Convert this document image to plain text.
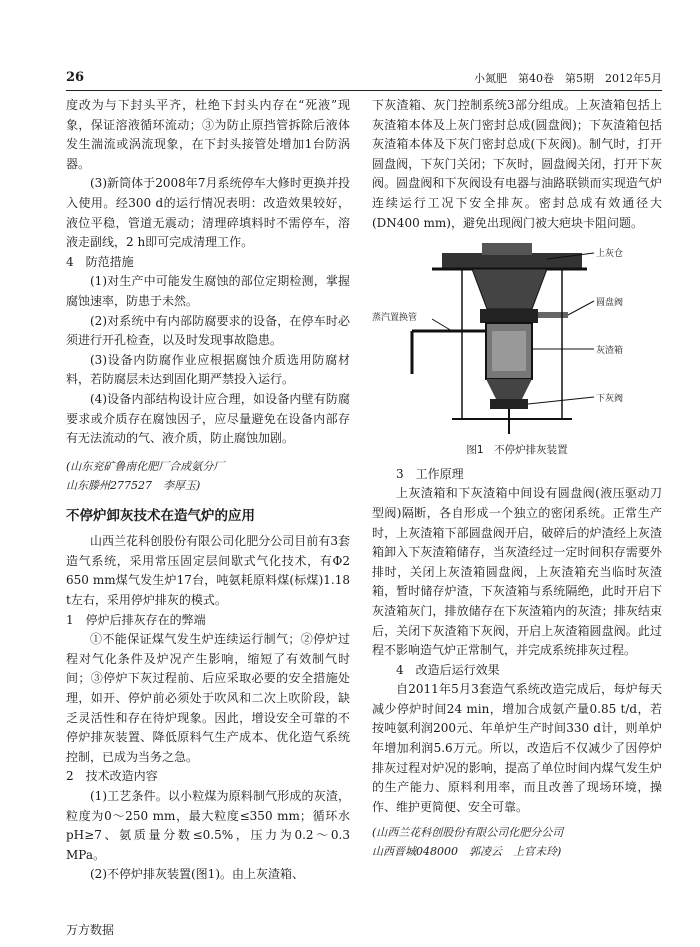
26	小氮肥　第40卷　第5期　2012年5月

度改为与下封头平齐，杜绝下封头内存在“死液”现象，保证溶液循环流动；③为防止原挡管拆除后液体发生湍流或涡流现象，在下封头接管处增加1台防涡器。

(3)新筒体于2008年7月系统停车大修时更换并投入使用。经300 d的运行情况表明：改造效果较好，液位平稳，管道无震动；清理碎填料时不需停车，溶液走副线，2 h即可完成清理工作。

4　防范措施

(1)对生产中可能发生腐蚀的部位定期检测，掌握腐蚀速率，防患于未然。

(2)对系统中有内部防腐要求的设备，在停车时必须进行开孔检查，以及时发现事故隐患。

(3)设备内防腐作业应根据腐蚀介质选用防腐材料，若防腐层未达到固化期严禁投入运行。

(4)设备内部结构设计应合理，如设备内壁有防腐要求或介质存在腐蚀因子，应尽量避免在设备内部存有无法流动的气、液介质，防止腐蚀加剧。

(山东兖矿鲁南化肥厂合成氨分厂

山东滕州277527　李厚玉)

不停炉卸灰技术在造气炉的应用

山西兰花科创股份有限公司化肥分公司目前有3套造气系统，采用常压固定层间歇式气化技术，有Φ2 650 mm煤气发生炉17台，吨氨耗原料煤(标煤)1.18 t左右，采用停炉排灰的模式。

1　停炉后排灰存在的弊端

①不能保证煤气发生炉连续运行制气；②停炉过程对气化条件及炉况产生影响，缩短了有效制气时间；③停炉下灰过程前、后应采取必要的安全措施处理，如开、停炉前必须处于吹风和二次上吹阶段，缺乏灵活性和存在待炉现象。因此，增设安全可靠的不停炉排灰装置、降低原料气生产成本、优化造气系统控制，已成为当务之急。

2　技术改造内容

(1)工艺条件。以小粒煤为原料制气形成的灰渣，粒度为0～250 mm，最大粒度≤350 mm；循环水pH≥7、氨质量分数≤0.5%，压力为0.2～0.3 MPa。

(2)不停炉排灰装置(图1)。由上灰渣箱、

下灰渣箱、灰门控制系统3部分组成。上灰渣箱包括上灰渣箱本体及上灰门密封总成(圆盘阀)；下灰渣箱包括灰渣箱本体及下灰门密封总成(下灰阀)。制气时，打开圆盘阀，下灰门关闭；下灰时，圆盘阀关闭，打开下灰阀。圆盘阀和下灰阀设有电器与油路联锁而实现造气炉连续运行工况下安全排灰。密封总成有效通径大(DN400 mm)，避免出现阀门被大疤块卡阻问题。

上灰仓
圆盘阀
蒸汽置换管
灰渣箱
下灰阀
图1　不停炉排灰装置

3　工作原理

上灰渣箱和下灰渣箱中间设有圆盘阀(液压驱动刀型阀)隔断，各自形成一个独立的密闭系统。正常生产时，上灰渣箱下部圆盘阀开启，破碎后的炉渣经上灰渣箱卸入下灰渣箱储存，当灰渣经过一定时间积存需要外排时，关闭上灰渣箱圆盘阀，上灰渣箱充当临时灰渣箱，暂时储存炉渣，下灰渣箱与系统隔绝，此时开启下灰渣箱灰门，排放储存在下灰渣箱内的灰渣；排灰结束后，关闭下灰渣箱下灰阀，开启上灰渣箱圆盘阀。此过程不影响造气炉正常制气，并完成系统排灰过程。

4　改造后运行效果

自2011年5月3套造气系统改造完成后，每炉每天减少停炉时间24 min，增加合成氨产量0.85 t/d，若按吨氨利润200元、年单炉生产时间330 d计，则单炉年增加利润5.6万元。所以，改造后不仅减少了因停炉排灰过程对炉况的影响，提高了单位时间内煤气发生炉的生产能力、原料利用率，而且改善了现场环境，操作、维护更简便、安全可靠。

(山西兰花科创股份有限公司化肥分公司

山西晋城048000　郭凌云　上官未玲)

万方数据
